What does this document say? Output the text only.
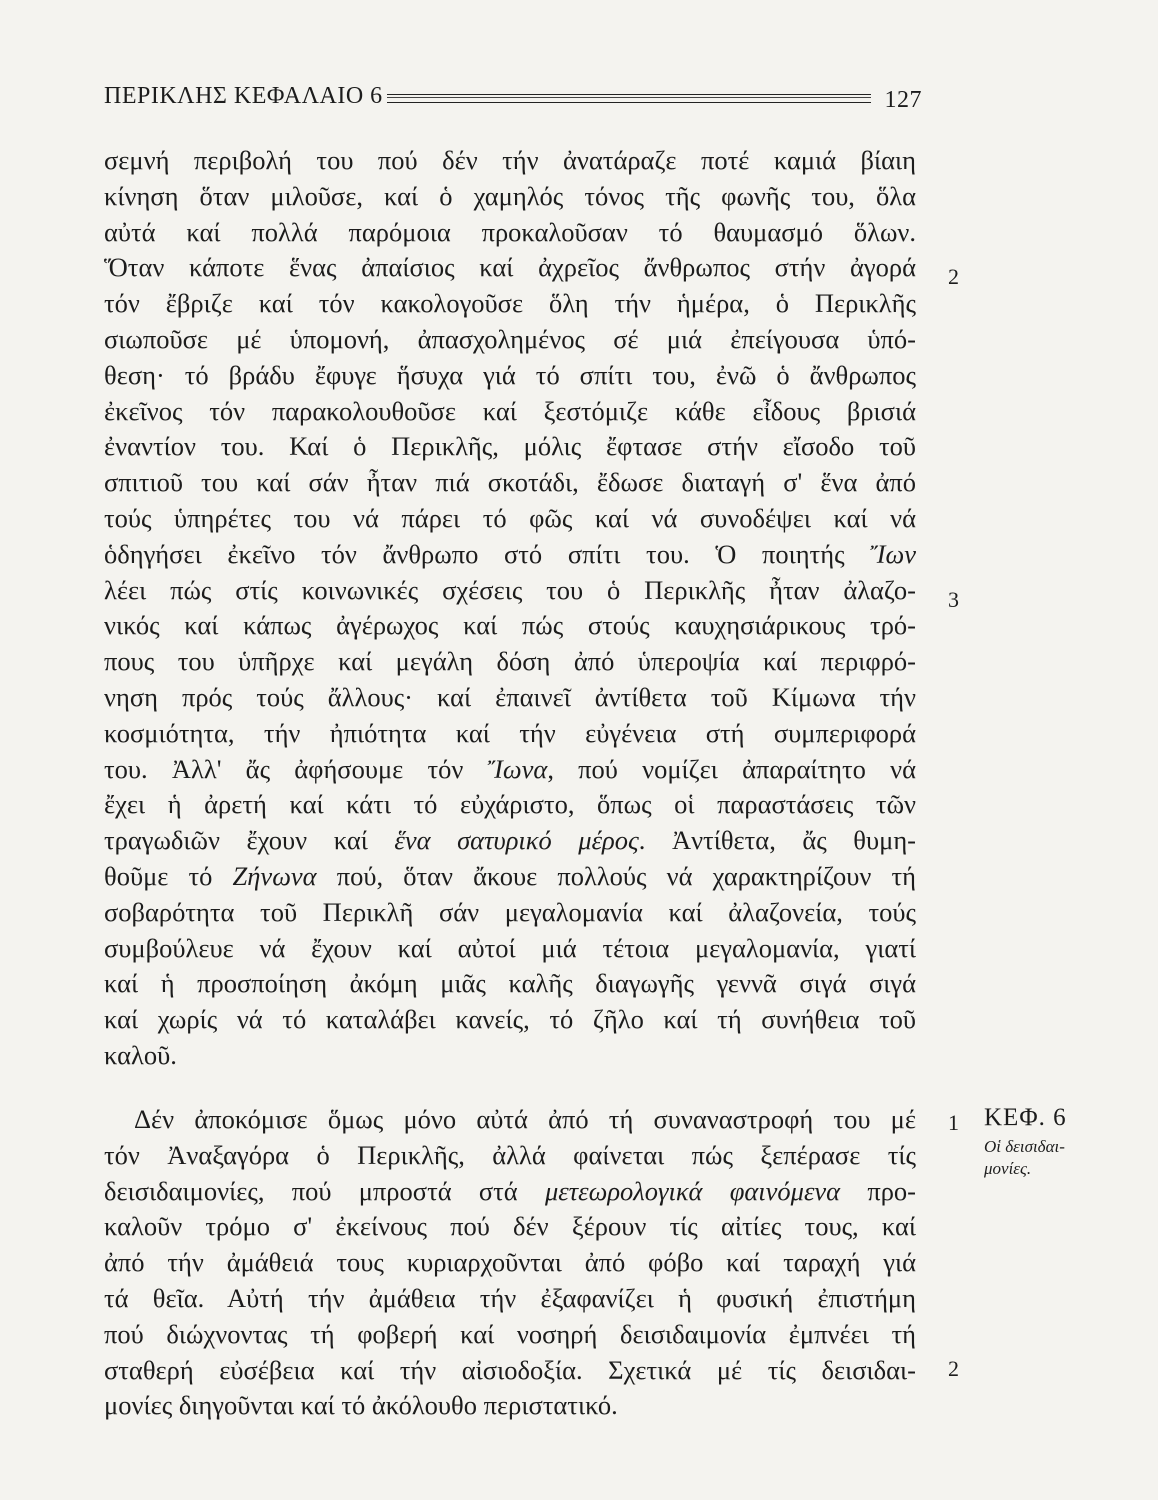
ΠΕΡΙΚΛΗΣ ΚΕΦΑΛΑΙΟ 6	127
σεμνή περιβολή του πού δέν τήν ἀνατάραζε ποτέ καμιά βίαιη
κίνηση ὅταν μιλοῦσε, καί ὁ χαμηλός τόνος τῆς φωνῆς του, ὅλα
αὐτά καί πολλά παρόμοια προκαλοῦσαν τό θαυμασμό ὅλων.
Ὅταν κάποτε ἕνας ἀπαίσιος καί ἀχρεῖος ἄνθρωπος στήν ἀγορά
τόν ἔβριζε καί τόν κακολογοῦσε ὅλη τήν ἡμέρα, ὁ Περικλῆς
σιωποῦσε μέ ὑπομονή, ἀπασχολημένος σέ μιά ἐπείγουσα ὑπό-
θεση· τό βράδυ ἔφυγε ἥσυχα γιά τό σπίτι του, ἐνῶ ὁ ἄνθρωπος
ἐκεῖνος τόν παρακολουθοῦσε καί ξεστόμιζε κάθε εἶδους βρισιά
ἐναντίον του. Καί ὁ Περικλῆς, μόλις ἔφτασε στήν εἴσοδο τοῦ
σπιτιοῦ του καί σάν ἦταν πιά σκοτάδι, ἔδωσε διαταγή σ' ἕνα ἀπό
τούς ὑπηρέτες του νά πάρει τό φῶς καί νά συνοδέψει καί νά
ὁδηγήσει ἐκεῖνο τόν ἄνθρωπο στό σπίτι του. Ὁ ποιητής Ἴων
λέει πώς στίς κοινωνικές σχέσεις του ὁ Περικλῆς ἦταν ἀλαζο-
νικός καί κάπως ἀγέρωχος καί πώς στούς καυχησιάρικους τρό-
πους του ὑπῆρχε καί μεγάλη δόση ἀπό ὑπεροψία καί περιφρό-
νηση πρός τούς ἄλλους· καί ἐπαινεῖ ἀντίθετα τοῦ Κίμωνα τήν
κοσμιότητα, τήν ἠπιότητα καί τήν εὐγένεια στή συμπεριφορά
του. Ἀλλ' ἄς ἀφήσουμε τόν Ἴωνα, πού νομίζει ἀπαραίτητο νά
ἔχει ἡ ἀρετή καί κάτι τό εὐχάριστο, ὅπως οἱ παραστάσεις τῶν
τραγωδιῶν ἔχουν καί ἕνα σατυρικό μέρος. Ἀντίθετα, ἄς θυμη-
θοῦμε τό Ζήνωνα πού, ὅταν ἄκουε πολλούς νά χαρακτηρίζουν τή
σοβαρότητα τοῦ Περικλῆ σάν μεγαλομανία καί ἀλαζονεία, τούς
συμβούλευε νά ἔχουν καί αὐτοί μιά τέτοια μεγαλομανία, γιατί
καί ἡ προσποίηση ἀκόμη μιᾶς καλῆς διαγωγῆς γεννᾶ σιγά σιγά
καί χωρίς νά τό καταλάβει κανείς, τό ζῆλο καί τή συνήθεια τοῦ
καλοῦ.
Δέν ἀποκόμισε ὅμως μόνο αὐτά ἀπό τή συναναστροφή του μέ
τόν Ἀναξαγόρα ὁ Περικλῆς, ἀλλά φαίνεται πώς ξεπέρασε τίς
δεισιδαιμονίες, πού μπροστά στά μετεωρολογικά φαινόμενα προ-
καλοῦν τρόμο σ' ἐκείνους πού δέν ξέρουν τίς αἰτίες τους, καί
ἀπό τήν ἀμάθειά τους κυριαρχοῦνται ἀπό φόβο καί ταραχή γιά
τά θεῖα. Αὐτή τήν ἀμάθεια τήν ἐξαφανίζει ἡ φυσική ἐπιστήμη
πού διώχνοντας τή φοβερή καί νοσηρή δεισιδαιμονία ἐμπνέει τή
σταθερή εὐσέβεια καί τήν αἰσιοδοξία. Σχετικά μέ τίς δεισιδαι-
μονίες διηγοῦνται καί τό ἀκόλουθο περιστατικό.
2
3
1
2
ΚΕΦ. 6
Οἱ δεισιδαι-
μονίες.
